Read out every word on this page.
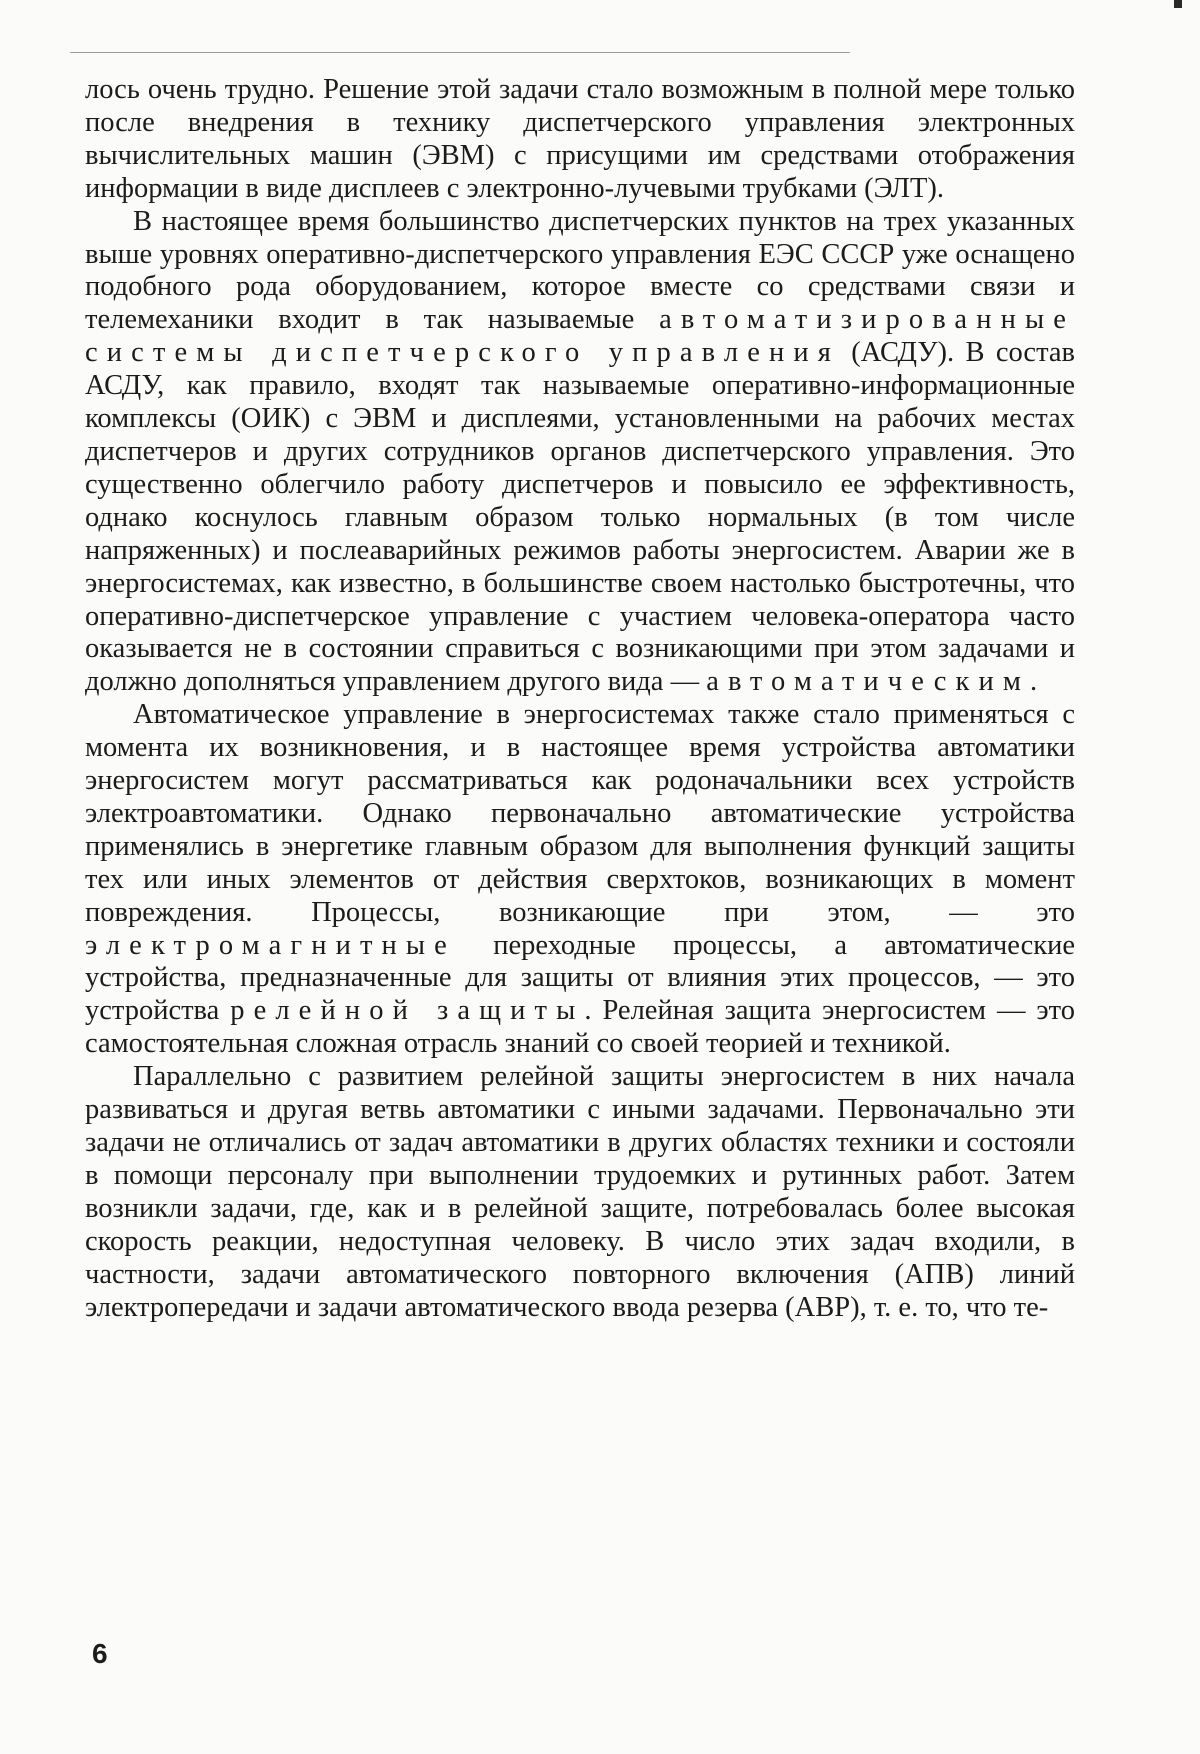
лось очень трудно. Решение этой задачи стало возможным в полной мере только после внедрения в технику диспетчерского управления электронных вычислительных машин (ЭВМ) с присущими им средствами отображения информации в виде дисплеев с электронно-лучевыми трубками (ЭЛТ).

В настоящее время большинство диспетчерских пунктов на трех указанных выше уровнях оперативно-диспетчерского управления ЕЭС СССР уже оснащено подобного рода оборудованием, которое вместе со средствами связи и телемеханики входит в так называемые автоматизированные системы диспетчерского управления (АСДУ). В состав АСДУ, как правило, входят так называемые оперативно-информационные комплексы (ОИК) с ЭВМ и дисплеями, установленными на рабочих местах диспетчеров и других сотрудников органов диспетчерского управления. Это существенно облегчило работу диспетчеров и повысило ее эффективность, однако коснулось главным образом только нормальных (в том числе напряженных) и послеаварийных режимов работы энергосистем. Аварии же в энергосистемах, как известно, в большинстве своем настолько быстротечны, что оперативно-диспетчерское управление с участием человека-оператора часто оказывается не в состоянии справиться с возникающими при этом задачами и должно дополняться управлением другого вида — автоматическим.

Автоматическое управление в энергосистемах также стало применяться с момента их возникновения, и в настоящее время устройства автоматики энергосистем могут рассматриваться как родоначальники всех устройств электроавтоматики. Однако первоначально автоматические устройства применялись в энергетике главным образом для выполнения функций защиты тех или иных элементов от действия сверхтоков, возникающих в момент повреждения. Процессы, возникающие при этом, — это электромагнитные переходные процессы, а автоматические устройства, предназначенные для защиты от влияния этих процессов, — это устройства релейной защиты. Релейная защита энергосистем — это самостоятельная сложная отрасль знаний со своей теорией и техникой.

Параллельно с развитием релейной защиты энергосистем в них начала развиваться и другая ветвь автоматики с иными задачами. Первоначально эти задачи не отличались от задач автоматики в других областях техники и состояли в помощи персоналу при выполнении трудоемких и рутинных работ. Затем возникли задачи, где, как и в релейной защите, потребовалась более высокая скорость реакции, недоступная человеку. В число этих задач входили, в частности, задачи автоматического повторного включения (АПВ) линий электропередачи и задачи автоматического ввода резерва (АВР), т. е. то, что те-

6
